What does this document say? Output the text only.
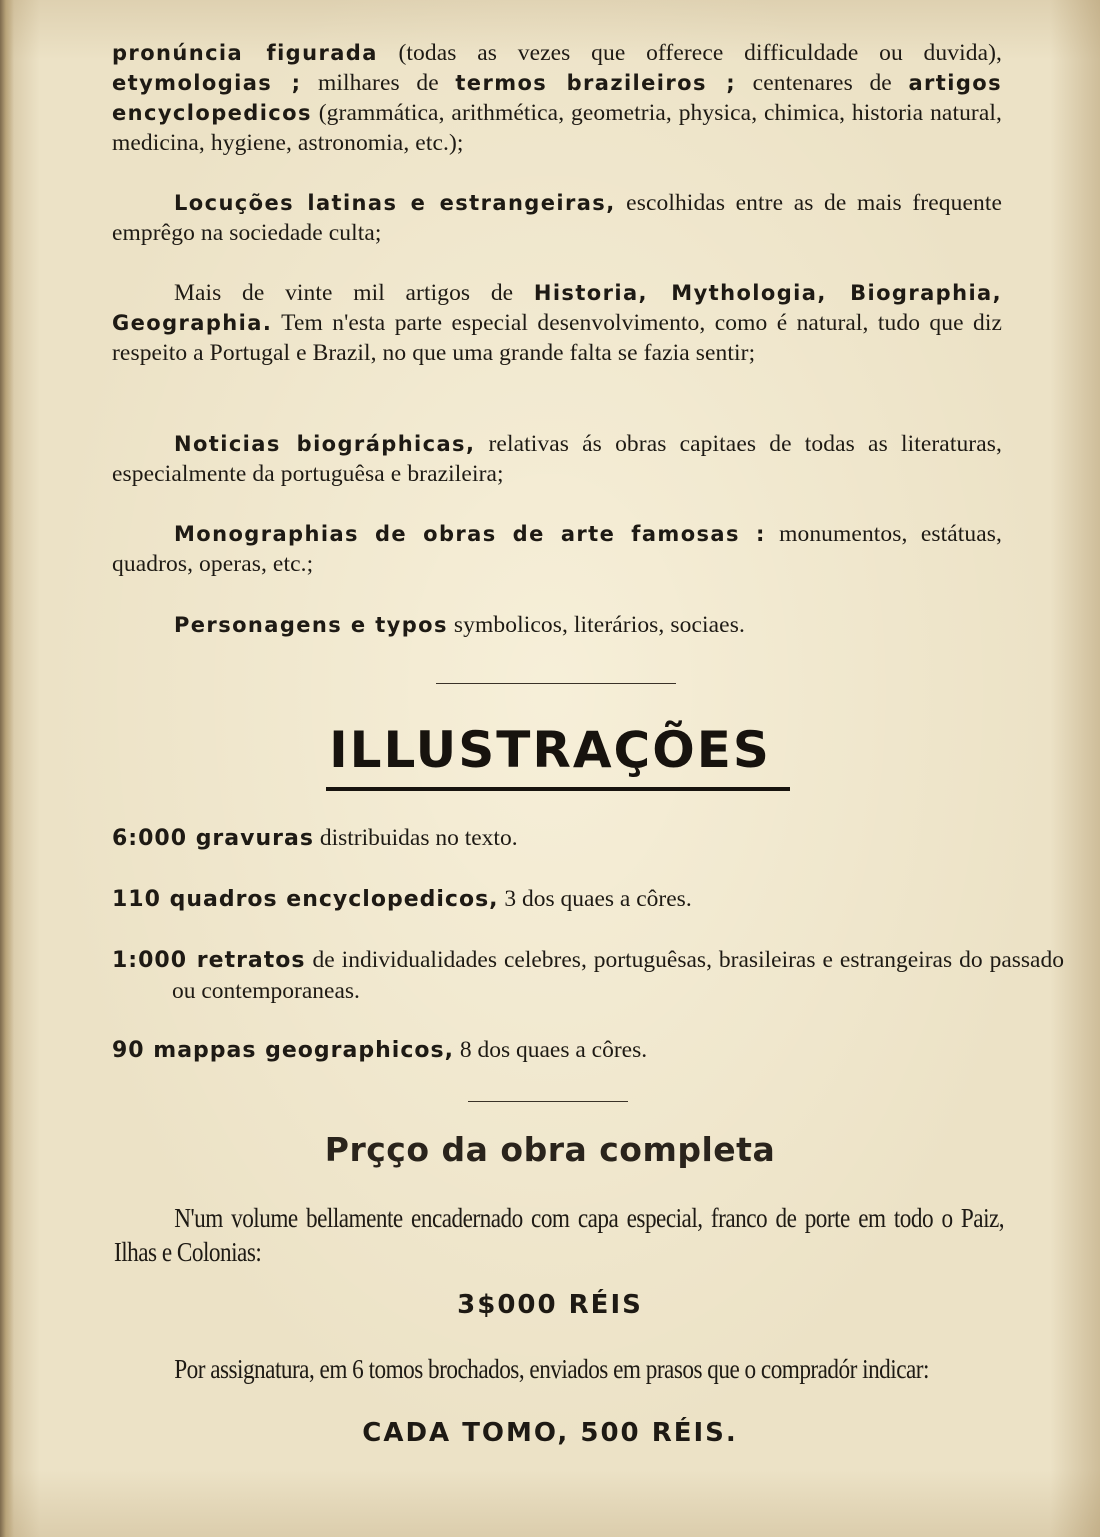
pronúncia figurada (todas as vezes que offerece difficuldade ou duvida), etymologias ; milhares de termos brazileiros ; centenares de artigos encyclopedicos (grammática, arithmética, geometria, physica, chimica, historia natural, medicina, hygiene, astronomia, etc.);

Locuções latinas e estrangeiras, escolhidas entre as de mais frequente emprêgo na sociedade culta;

Mais de vinte mil artigos de Historia, Mythologia, Biographia, Geographia. Tem n'esta parte especial desenvolvimento, como é natural, tudo que diz respeito a Portugal e Brazil, no que uma grande falta se fazia sentir;

Noticias biográphicas, relativas ás obras capitaes de todas as literaturas, especialmente da portuguêsa e brazileira;

Monographias de obras de arte famosas : monumentos, estátuas, quadros, operas, etc.;

Personagens e typos symbolicos, literários, sociaes.

ILLUSTRAÇÕES

6:000 gravuras distribuidas no texto.

110 quadros encyclopedicos, 3 dos quaes a côres.

1:000 retratos de individualidades celebres, portuguêsas, brasileiras e estrangeiras do passado ou contemporaneas.

90 mappas geographicos, 8 dos quaes a côres.

Prçço da obra completa

N'um volume bellamente encadernado com capa especial, franco de porte em todo o Paiz, Ilhas e Colonias:

3$000 RÉIS

Por assignatura, em 6 tomos brochados, enviados em prasos que o compradór indicar:

CADA TOMO, 500 RÉIS.
